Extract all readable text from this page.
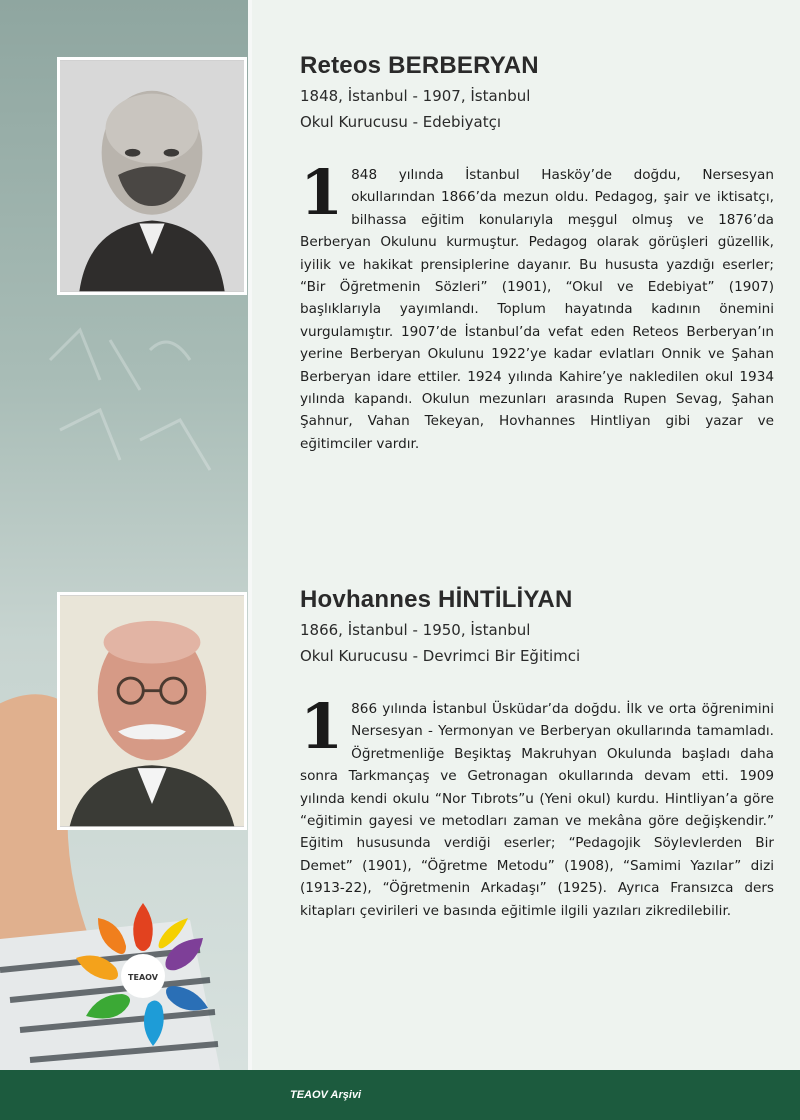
TEAOV
Reteos BERBERYAN
1848, İstanbul - 1907, İstanbul
Okul Kurucusu - Edebiyatçı
1 848 yılında İstanbul Hasköy’de doğdu, Nersesyan okullarından 1866’da mezun oldu. Pedagog, şair ve iktisatçı, bilhassa eğitim konularıyla meşgul olmuş ve 1876’da Berberyan Okulunu kurmuştur. Pedagog olarak görüşleri güzellik, iyilik ve hakikat prensiplerine dayanır. Bu hususta yazdığı eserler; “Bir Öğretmenin Sözleri” (1901), “Okul ve Edebiyat” (1907) başlıklarıyla yayımlandı. Toplum hayatında kadının önemini vurgulamıştır. 1907’de İstanbul’da vefat eden Reteos Berberyan’ın yerine Berberyan Okulunu 1922’ye kadar evlatları Onnik ve Şahan Berberyan idare ettiler. 1924 yılında Kahire’ye nakledilen okul 1934 yılında kapandı. Okulun mezunları arasında Rupen Sevag, Şahan Şahnur, Vahan Tekeyan, Hovhannes Hintliyan gibi yazar ve eğitimciler vardır.
Hovhannes HİNTİLİYAN
1866, İstanbul - 1950, İstanbul
Okul Kurucusu - Devrimci Bir Eğitimci
1 866 yılında İstanbul Üsküdar’da doğdu. İlk ve orta öğrenimini Nersesyan - Yermonyan ve Berberyan okullarında tamamladı. Öğretmenliğe Beşiktaş Makruhyan Okulunda başladı daha sonra Tarkmançaş ve Getronagan okullarında devam etti. 1909 yılında kendi okulu “Nor Tıbrots”u (Yeni okul) kurdu. Hintliyan’a göre “eğitimin gayesi ve metodları zaman ve mekâna göre değişkendir.” Eğitim hususunda verdiği eserler; “Pedagojik Söylevlerden Bir Demet” (1901), “Öğretme Metodu” (1908), “Samimi Yazılar” dizi (1913-22), “Öğretmenin Arkadaşı” (1925). Ayrıca Fransızca ders kitapları çevirileri ve basında eğitimle ilgili yazıları zikredilebilir.
TEAOV Arşivi
